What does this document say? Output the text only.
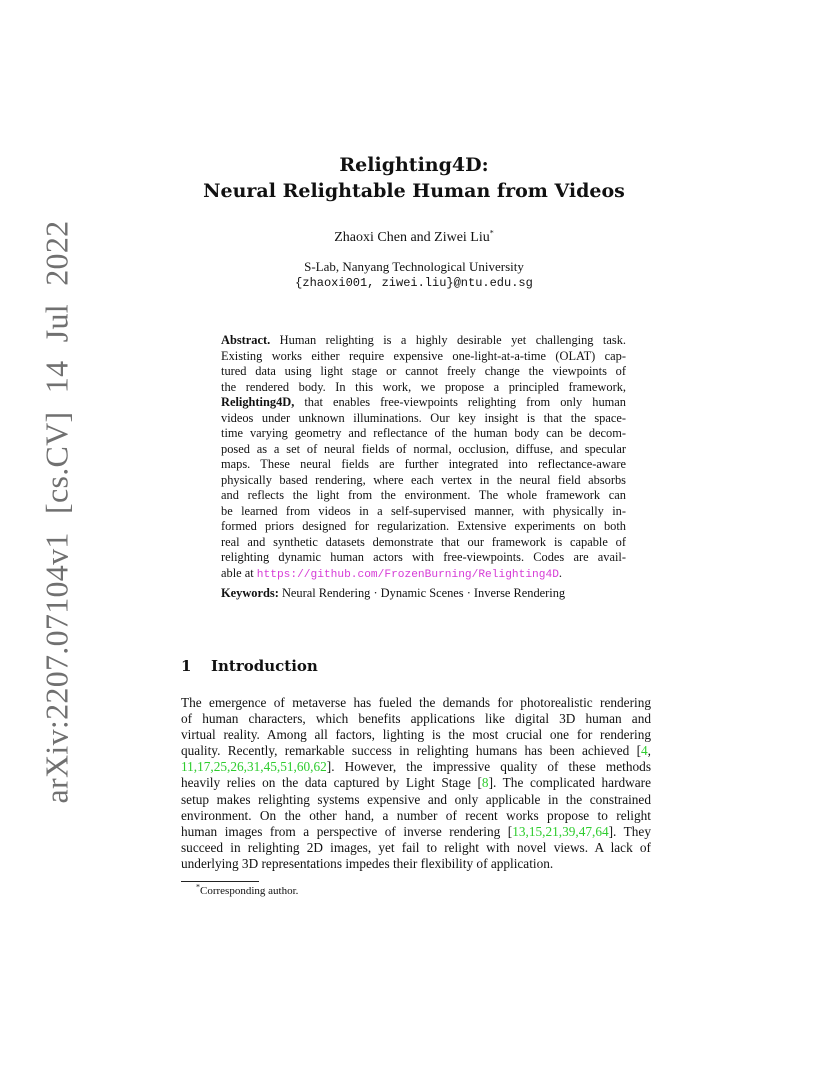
arXiv:2207.07104v1 [cs.CV] 14 Jul 2022
Relighting4D:
Neural Relightable Human from Videos
Zhaoxi Chen and Ziwei Liu*
S-Lab, Nanyang Technological University
{zhaoxi001, ziwei.liu}@ntu.edu.sg
Abstract. Human relighting is a highly desirable yet challenging task.
Existing works either require expensive one-light-at-a-time (OLAT) cap-
tured data using light stage or cannot freely change the viewpoints of
the rendered body. In this work, we propose a principled framework,
Relighting4D, that enables free-viewpoints relighting from only human
videos under unknown illuminations. Our key insight is that the space-
time varying geometry and reflectance of the human body can be decom-
posed as a set of neural fields of normal, occlusion, diffuse, and specular
maps. These neural fields are further integrated into reflectance-aware
physically based rendering, where each vertex in the neural field absorbs
and reflects the light from the environment. The whole framework can
be learned from videos in a self-supervised manner, with physically in-
formed priors designed for regularization. Extensive experiments on both
real and synthetic datasets demonstrate that our framework is capable of
relighting dynamic human actors with free-viewpoints. Codes are avail-
able at https://github.com/FrozenBurning/Relighting4D.
Keywords: Neural Rendering · Dynamic Scenes · Inverse Rendering
1 Introduction
The emergence of metaverse has fueled the demands for photorealistic rendering
of human characters, which benefits applications like digital 3D human and
virtual reality. Among all factors, lighting is the most crucial one for rendering
quality. Recently, remarkable success in relighting humans has been achieved [4,
11,17,25,26,31,45,51,60,62]. However, the impressive quality of these methods
heavily relies on the data captured by Light Stage [8]. The complicated hardware
setup makes relighting systems expensive and only applicable in the constrained
environment. On the other hand, a number of recent works propose to relight
human images from a perspective of inverse rendering [13,15,21,39,47,64]. They
succeed in relighting 2D images, yet fail to relight with novel views. A lack of
underlying 3D representations impedes their flexibility of application.
*Corresponding author.
